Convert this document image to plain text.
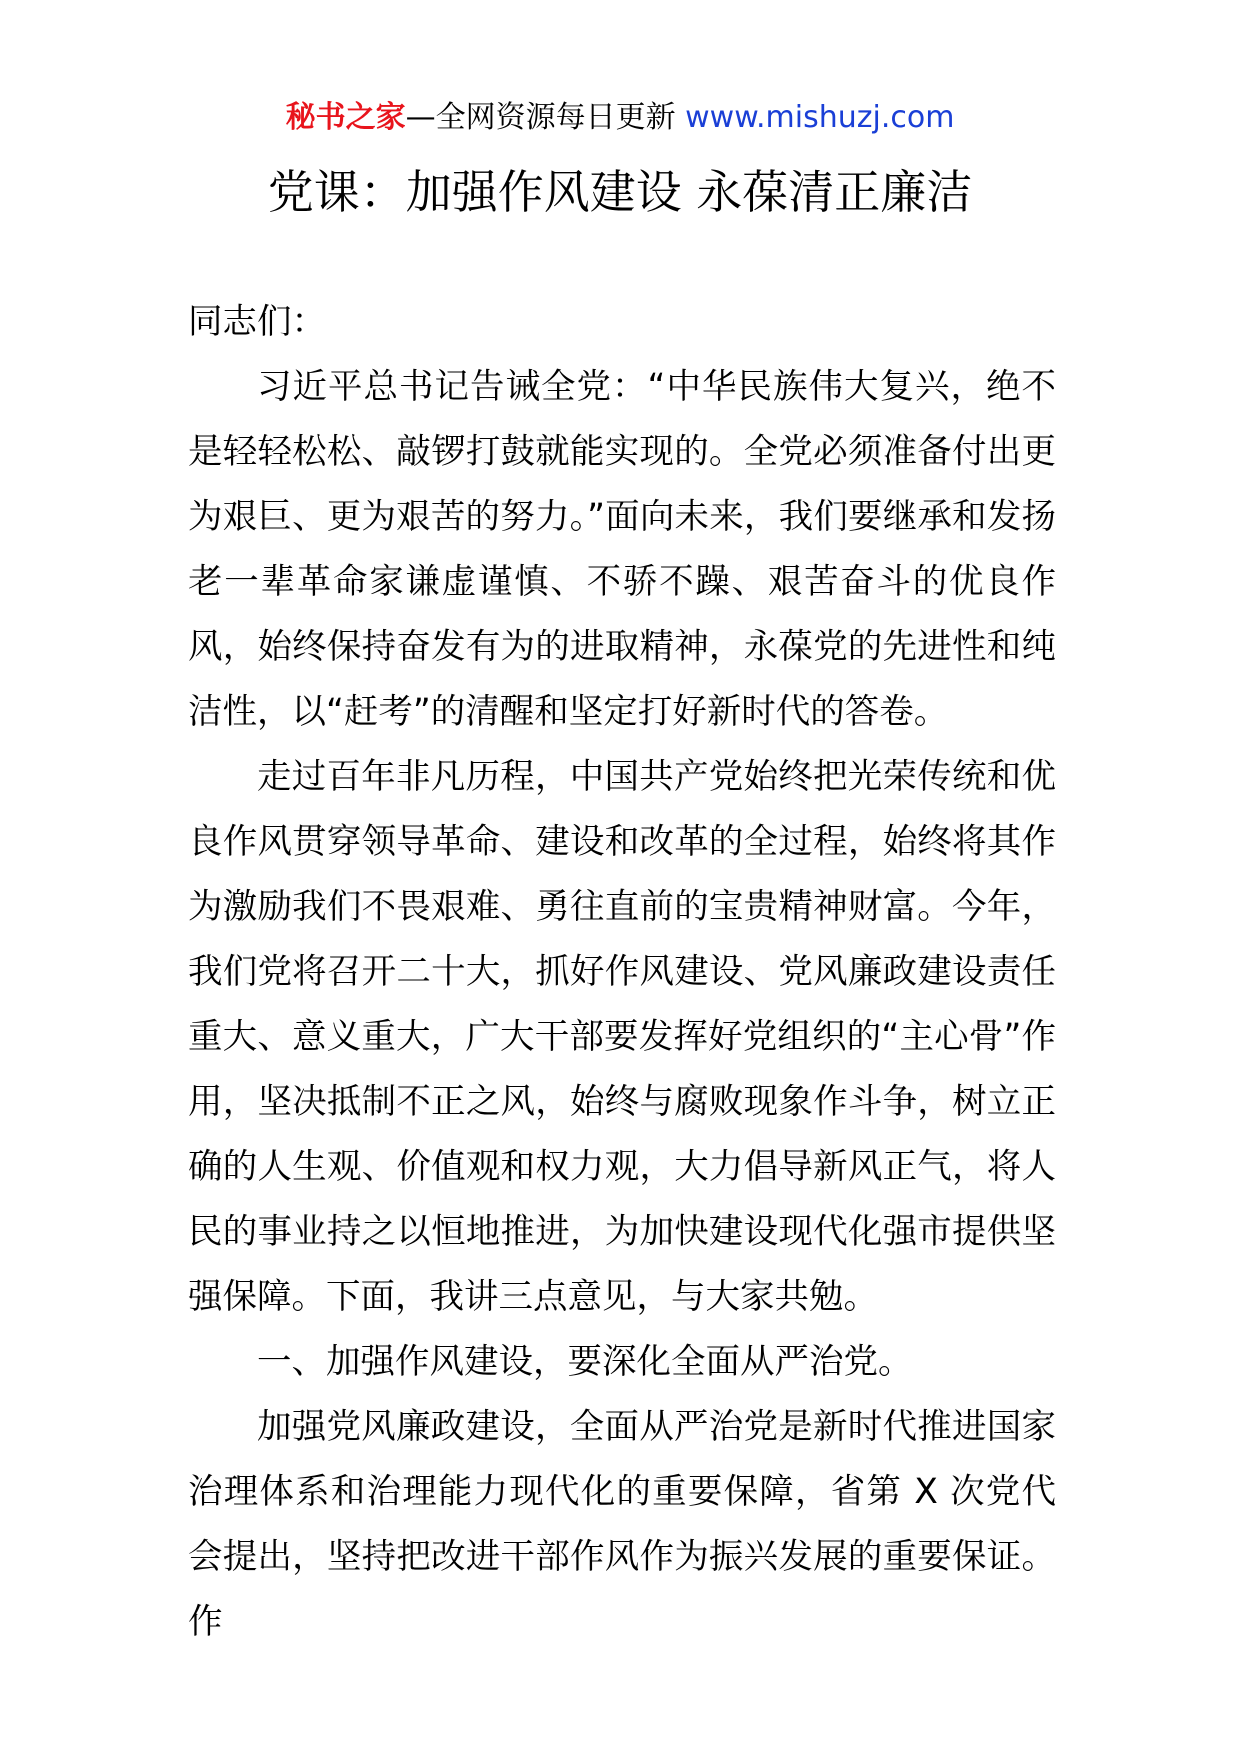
秘书之家—全网资源每日更新 www.mishuzj.com
党课：加强作风建设 永葆清正廉洁

同志们：

习近平总书记告诫全党：“中华民族伟大复兴，绝不是轻轻松松、敲锣打鼓就能实现的。全党必须准备付出更为艰巨、更为艰苦的努力。”面向未来，我们要继承和发扬老一辈革命家谦虚谨慎、不骄不躁、艰苦奋斗的优良作风，始终保持奋发有为的进取精神，永葆党的先进性和纯洁性，以“赶考”的清醒和坚定打好新时代的答卷。

走过百年非凡历程，中国共产党始终把光荣传统和优良作风贯穿领导革命、建设和改革的全过程，始终将其作为激励我们不畏艰难、勇往直前的宝贵精神财富。今年，我们党将召开二十大，抓好作风建设、党风廉政建设责任重大、意义重大，广大干部要发挥好党组织的“主心骨”作用，坚决抵制不正之风，始终与腐败现象作斗争，树立正确的人生观、价值观和权力观，大力倡导新风正气，将人民的事业持之以恒地推进，为加快建设现代化强市提供坚强保障。下面，我讲三点意见，与大家共勉。

一、加强作风建设，要深化全面从严治党。

加强党风廉政建设，全面从严治党是新时代推进国家治理体系和治理能力现代化的重要保障，省第 X 次党代会提出，坚持把改进干部作风作为振兴发展的重要保证。作
